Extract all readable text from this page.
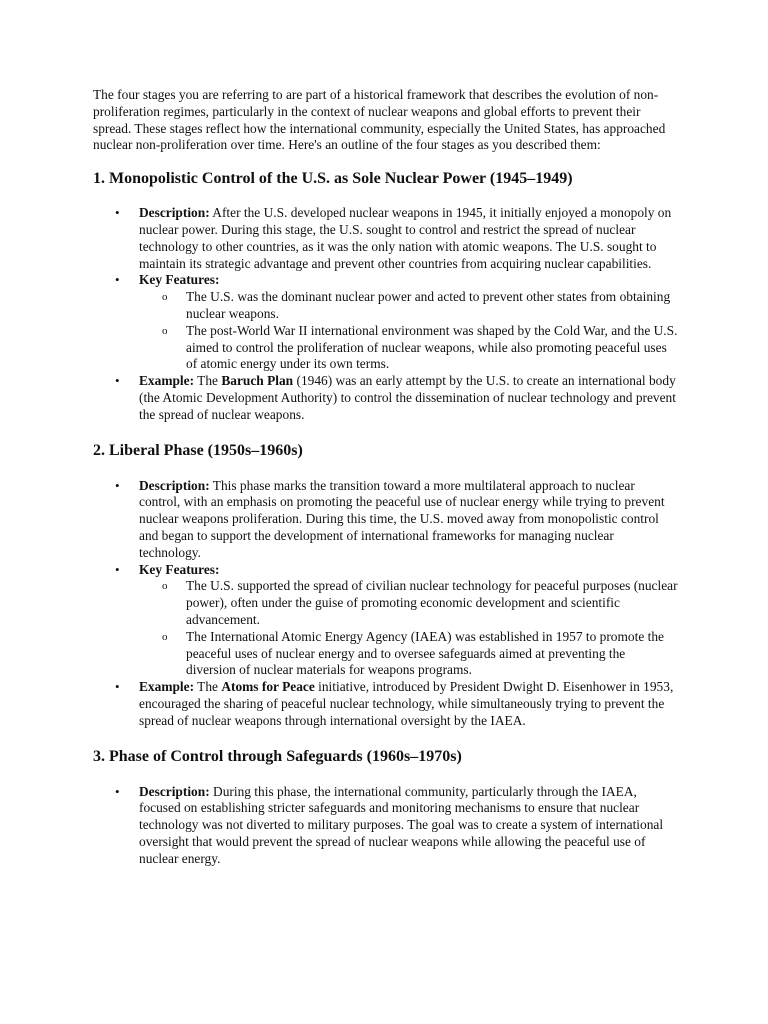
The four stages you are referring to are part of a historical framework that describes the evolution of non-proliferation regimes, particularly in the context of nuclear weapons and global efforts to prevent their spread. These stages reflect how the international community, especially the United States, has approached nuclear non-proliferation over time. Here's an outline of the four stages as you described them:

1. Monopolistic Control of the U.S. as Sole Nuclear Power (1945–1949)
• Description: After the U.S. developed nuclear weapons in 1945, it initially enjoyed a monopoly on nuclear power. During this stage, the U.S. sought to control and restrict the spread of nuclear technology to other countries, as it was the only nation with atomic weapons. The U.S. sought to maintain its strategic advantage and prevent other countries from acquiring nuclear capabilities.
• Key Features:
o The U.S. was the dominant nuclear power and acted to prevent other states from obtaining nuclear weapons.
o The post-World War II international environment was shaped by the Cold War, and the U.S. aimed to control the proliferation of nuclear weapons, while also promoting peaceful uses of atomic energy under its own terms.
• Example: The Baruch Plan (1946) was an early attempt by the U.S. to create an international body (the Atomic Development Authority) to control the dissemination of nuclear technology and prevent the spread of nuclear weapons.
2. Liberal Phase (1950s–1960s)
• Description: This phase marks the transition toward a more multilateral approach to nuclear control, with an emphasis on promoting the peaceful use of nuclear energy while trying to prevent nuclear weapons proliferation. During this time, the U.S. moved away from monopolistic control and began to support the development of international frameworks for managing nuclear technology.
• Key Features:
o The U.S. supported the spread of civilian nuclear technology for peaceful purposes (nuclear power), often under the guise of promoting economic development and scientific advancement.
o The International Atomic Energy Agency (IAEA) was established in 1957 to promote the peaceful uses of nuclear energy and to oversee safeguards aimed at preventing the diversion of nuclear materials for weapons programs.
• Example: The Atoms for Peace initiative, introduced by President Dwight D. Eisenhower in 1953, encouraged the sharing of peaceful nuclear technology, while simultaneously trying to prevent the spread of nuclear weapons through international oversight by the IAEA.
3. Phase of Control through Safeguards (1960s–1970s)
• Description: During this phase, the international community, particularly through the IAEA, focused on establishing stricter safeguards and monitoring mechanisms to ensure that nuclear technology was not diverted to military purposes. The goal was to create a system of international oversight that would prevent the spread of nuclear weapons while allowing the peaceful use of nuclear energy.
